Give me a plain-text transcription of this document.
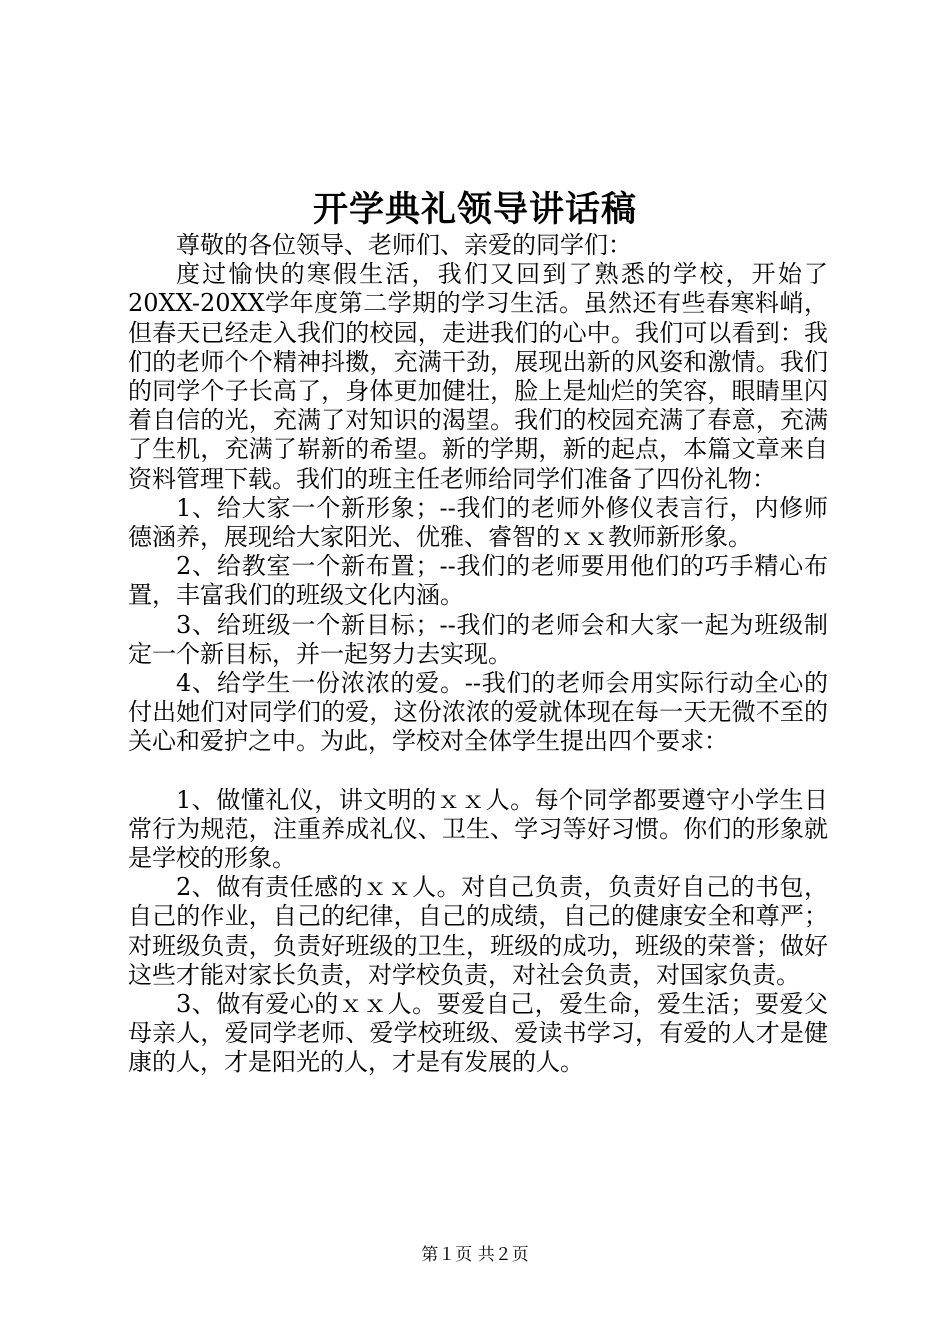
开学典礼领导讲话稿

尊敬的各位领导、老师们、亲爱的同学们：

度过愉快的寒假生活，我们又回到了熟悉的学校，开始了20XX-20XX学年度第二学期的学习生活。虽然还有些春寒料峭，但春天已经走入我们的校园，走进我们的心中。我们可以看到：我们的老师个个精神抖擞，充满干劲，展现出新的风姿和激情。我们的同学个子长高了，身体更加健壮，脸上是灿烂的笑容，眼睛里闪着自信的光，充满了对知识的渴望。我们的校园充满了春意，充满了生机，充满了崭新的希望。新的学期，新的起点，本篇文章来自资料管理下载。我们的班主任老师给同学们准备了四份礼物：

1、给大家一个新形象；--我们的老师外修仪表言行，内修师德涵养，展现给大家阳光、优雅、睿智的ｘｘ教师新形象。

2、给教室一个新布置；--我们的老师要用他们的巧手精心布置，丰富我们的班级文化内涵。

3、给班级一个新目标；--我们的老师会和大家一起为班级制定一个新目标，并一起努力去实现。

4、给学生一份浓浓的爱。--我们的老师会用实际行动全心的付出她们对同学们的爱，这份浓浓的爱就体现在每一天无微不至的关心和爱护之中。为此，学校对全体学生提出四个要求：

1、做懂礼仪，讲文明的ｘｘ人。每个同学都要遵守小学生日常行为规范，注重养成礼仪、卫生、学习等好习惯。你们的形象就是学校的形象。

2、做有责任感的ｘｘ人。对自己负责，负责好自己的书包，自己的作业，自己的纪律，自己的成绩，自己的健康安全和尊严；对班级负责，负责好班级的卫生，班级的成功，班级的荣誉；做好这些才能对家长负责，对学校负责，对社会负责，对国家负责。

3、做有爱心的ｘｘ人。要爱自己，爱生命，爱生活；要爱父母亲人，爱同学老师、爱学校班级、爱读书学习，有爱的人才是健康的人，才是阳光的人，才是有发展的人。

第１页 共２页
